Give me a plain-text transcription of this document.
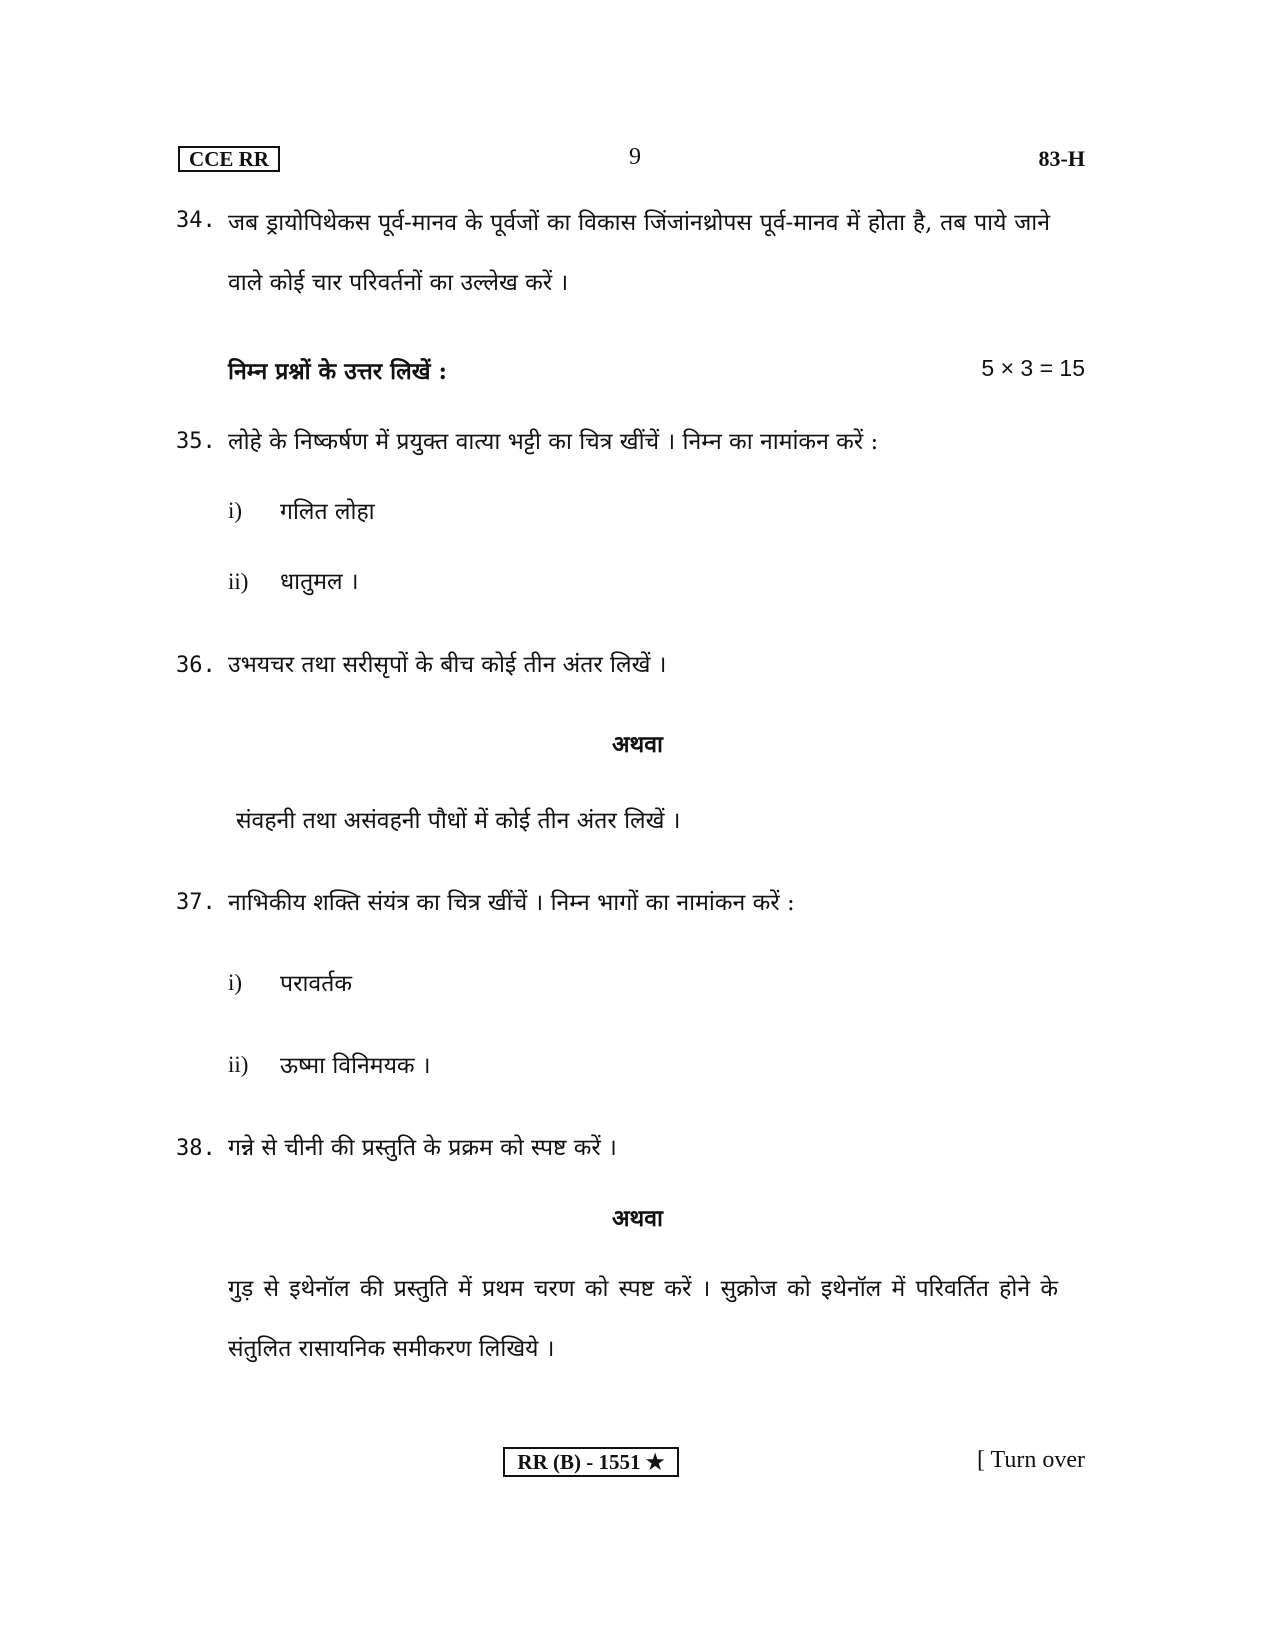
CCE RR	9	83-H
34. जब ड्रायोपिथेकस पूर्व-मानव के पूर्वजों का विकास जिंजांनथ्रोपस पूर्व-मानव में होता है, तब पाये जाने
वाले कोई चार परिवर्तनों का उल्लेख करें ।
निम्न प्रश्नों के उत्तर लिखें :	5 × 3 = 15
35. लोहे के निष्कर्षण में प्रयुक्त वात्या भट्टी का चित्र खींचें । निम्न का नामांकन करें :
i) गलित लोहा
ii) धातुमल ।
36. उभयचर तथा सरीसृपों के बीच कोई तीन अंतर लिखें ।
अथवा
संवहनी तथा असंवहनी पौधों में कोई तीन अंतर लिखें ।
37. नाभिकीय शक्ति संयंत्र का चित्र खींचें । निम्न भागों का नामांकन करें :
i) परावर्तक
ii) ऊष्मा विनिमयक ।
38. गन्ने से चीनी की प्रस्तुति के प्रक्रम को स्पष्ट करें ।
अथवा
गुड़ से इथेनॉल की प्रस्तुति में प्रथम चरण को स्पष्ट करें । सुक्रोज को इथेनॉल में परिवर्तित होने के
संतुलित रासायनिक समीकरण लिखिये ।
RR (B) - 1551 ★	[ Turn over
